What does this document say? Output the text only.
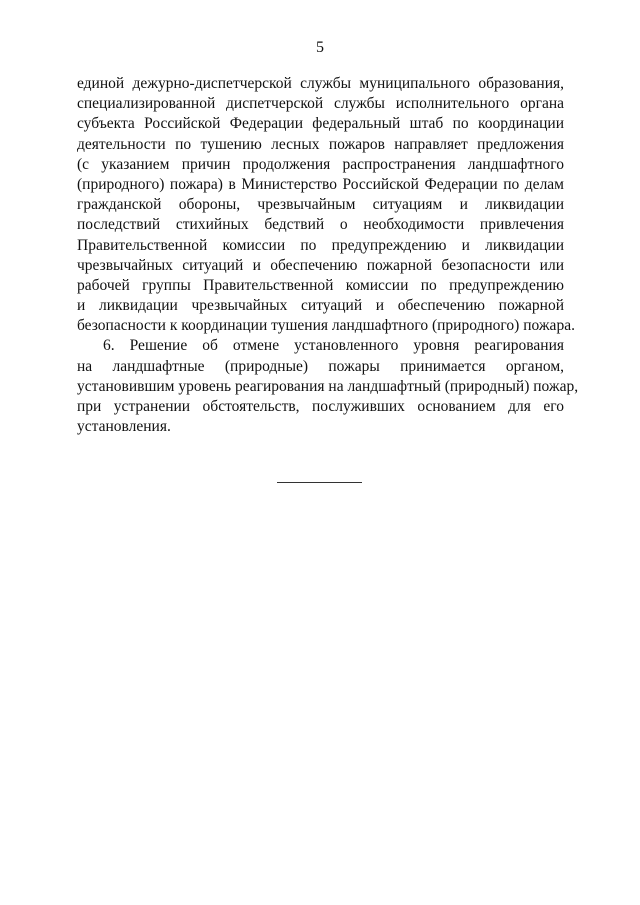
5
единой дежурно-диспетчерской службы муниципального образования,
специализированной диспетчерской службы исполнительного органа
субъекта Российской Федерации федеральный штаб по координации
деятельности по тушению лесных пожаров направляет предложения
(с указанием причин продолжения распространения ландшафтного
(природного) пожара) в Министерство Российской Федерации по делам
гражданской обороны, чрезвычайным ситуациям и ликвидации
последствий стихийных бедствий о необходимости привлечения
Правительственной комиссии по предупреждению и ликвидации
чрезвычайных ситуаций и обеспечению пожарной безопасности или
рабочей группы Правительственной комиссии по предупреждению
и ликвидации чрезвычайных ситуаций и обеспечению пожарной
безопасности к координации тушения ландшафтного (природного) пожара.
6. Решение об отмене установленного уровня реагирования
на ландшафтные (природные) пожары принимается органом,
установившим уровень реагирования на ландшафтный (природный) пожар,
при устранении обстоятельств, послуживших основанием для его
установления.
